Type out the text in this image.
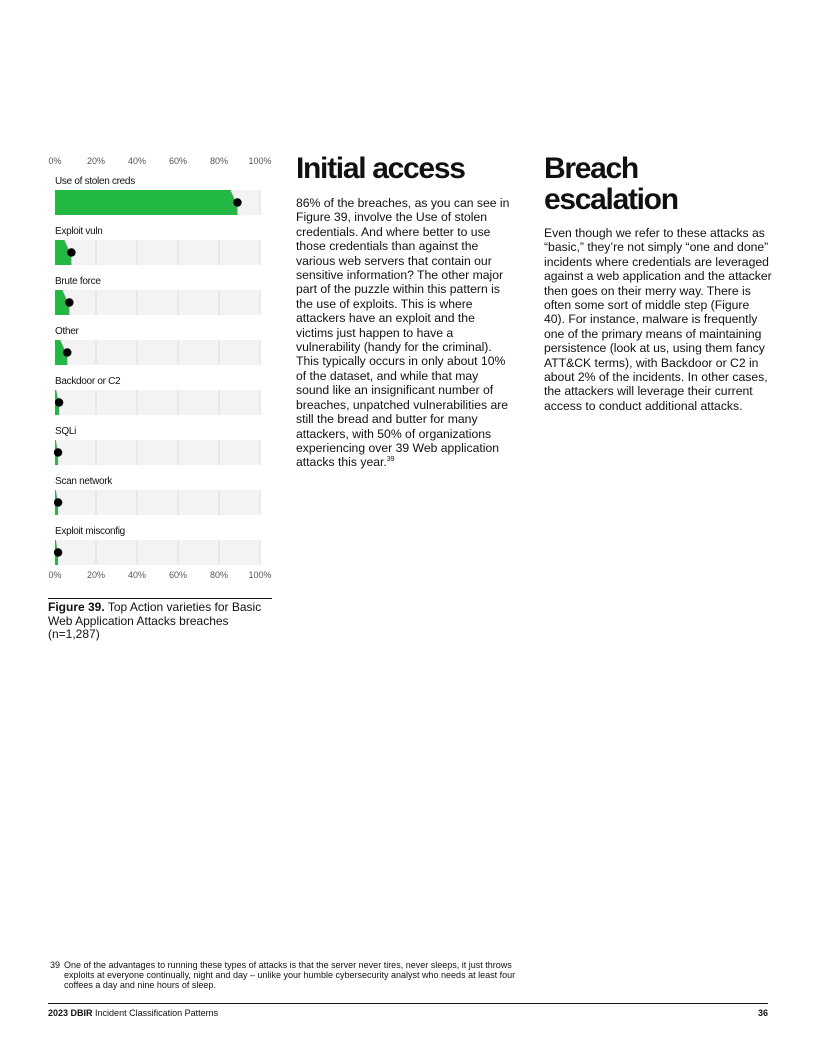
0%
0%
20%
20%
40%
40%
60%
60%
80%
80%
100%
100%
Use of stolen creds
Exploit vuln
Brute force
Other
Backdoor or C2
SQLi
Scan network
Exploit misconfig
Figure 39. Top Action varieties for Basic Web Application Attacks breaches (n=1,287)
Initial access

86% of the breaches, as you can see in Figure 39, involve the Use of stolen credentials. And where better to use those credentials than against the various web servers that contain our sensitive information? The other major part of the puzzle within this pattern is the use of exploits. This is where attackers have an exploit and the victims just happen to have a vulnerability (handy for the criminal). This typically occurs in only about 10% of the dataset, and while that may sound like an insignificant number of breaches, unpatched vulnerabilities are still the bread and butter for many attackers, with 50% of organizations experiencing over 39 Web application attacks this year.$^{39}$

Breach escalation

Even though we refer to these attacks as “basic,” they’re not simply “one and done” incidents where credentials are leveraged against a web application and the attacker then goes on their merry way. There is often some sort of middle step (Figure 40). For instance, malware is frequently one of the primary means of maintaining persistence (look at us, using them fancy ATT&CK terms), with Backdoor or C2 in about 2% of the incidents. In other cases, the attackers will leverage their current access to conduct additional attacks.

39 One of the advantages to running these types of attacks is that the server never tires, never sleeps, it just throws exploits at everyone continually, night and day – unlike your humble cybersecurity analyst who needs at least four coffees a day and nine hours of sleep.
2023 DBIR Incident Classification Patterns	36
